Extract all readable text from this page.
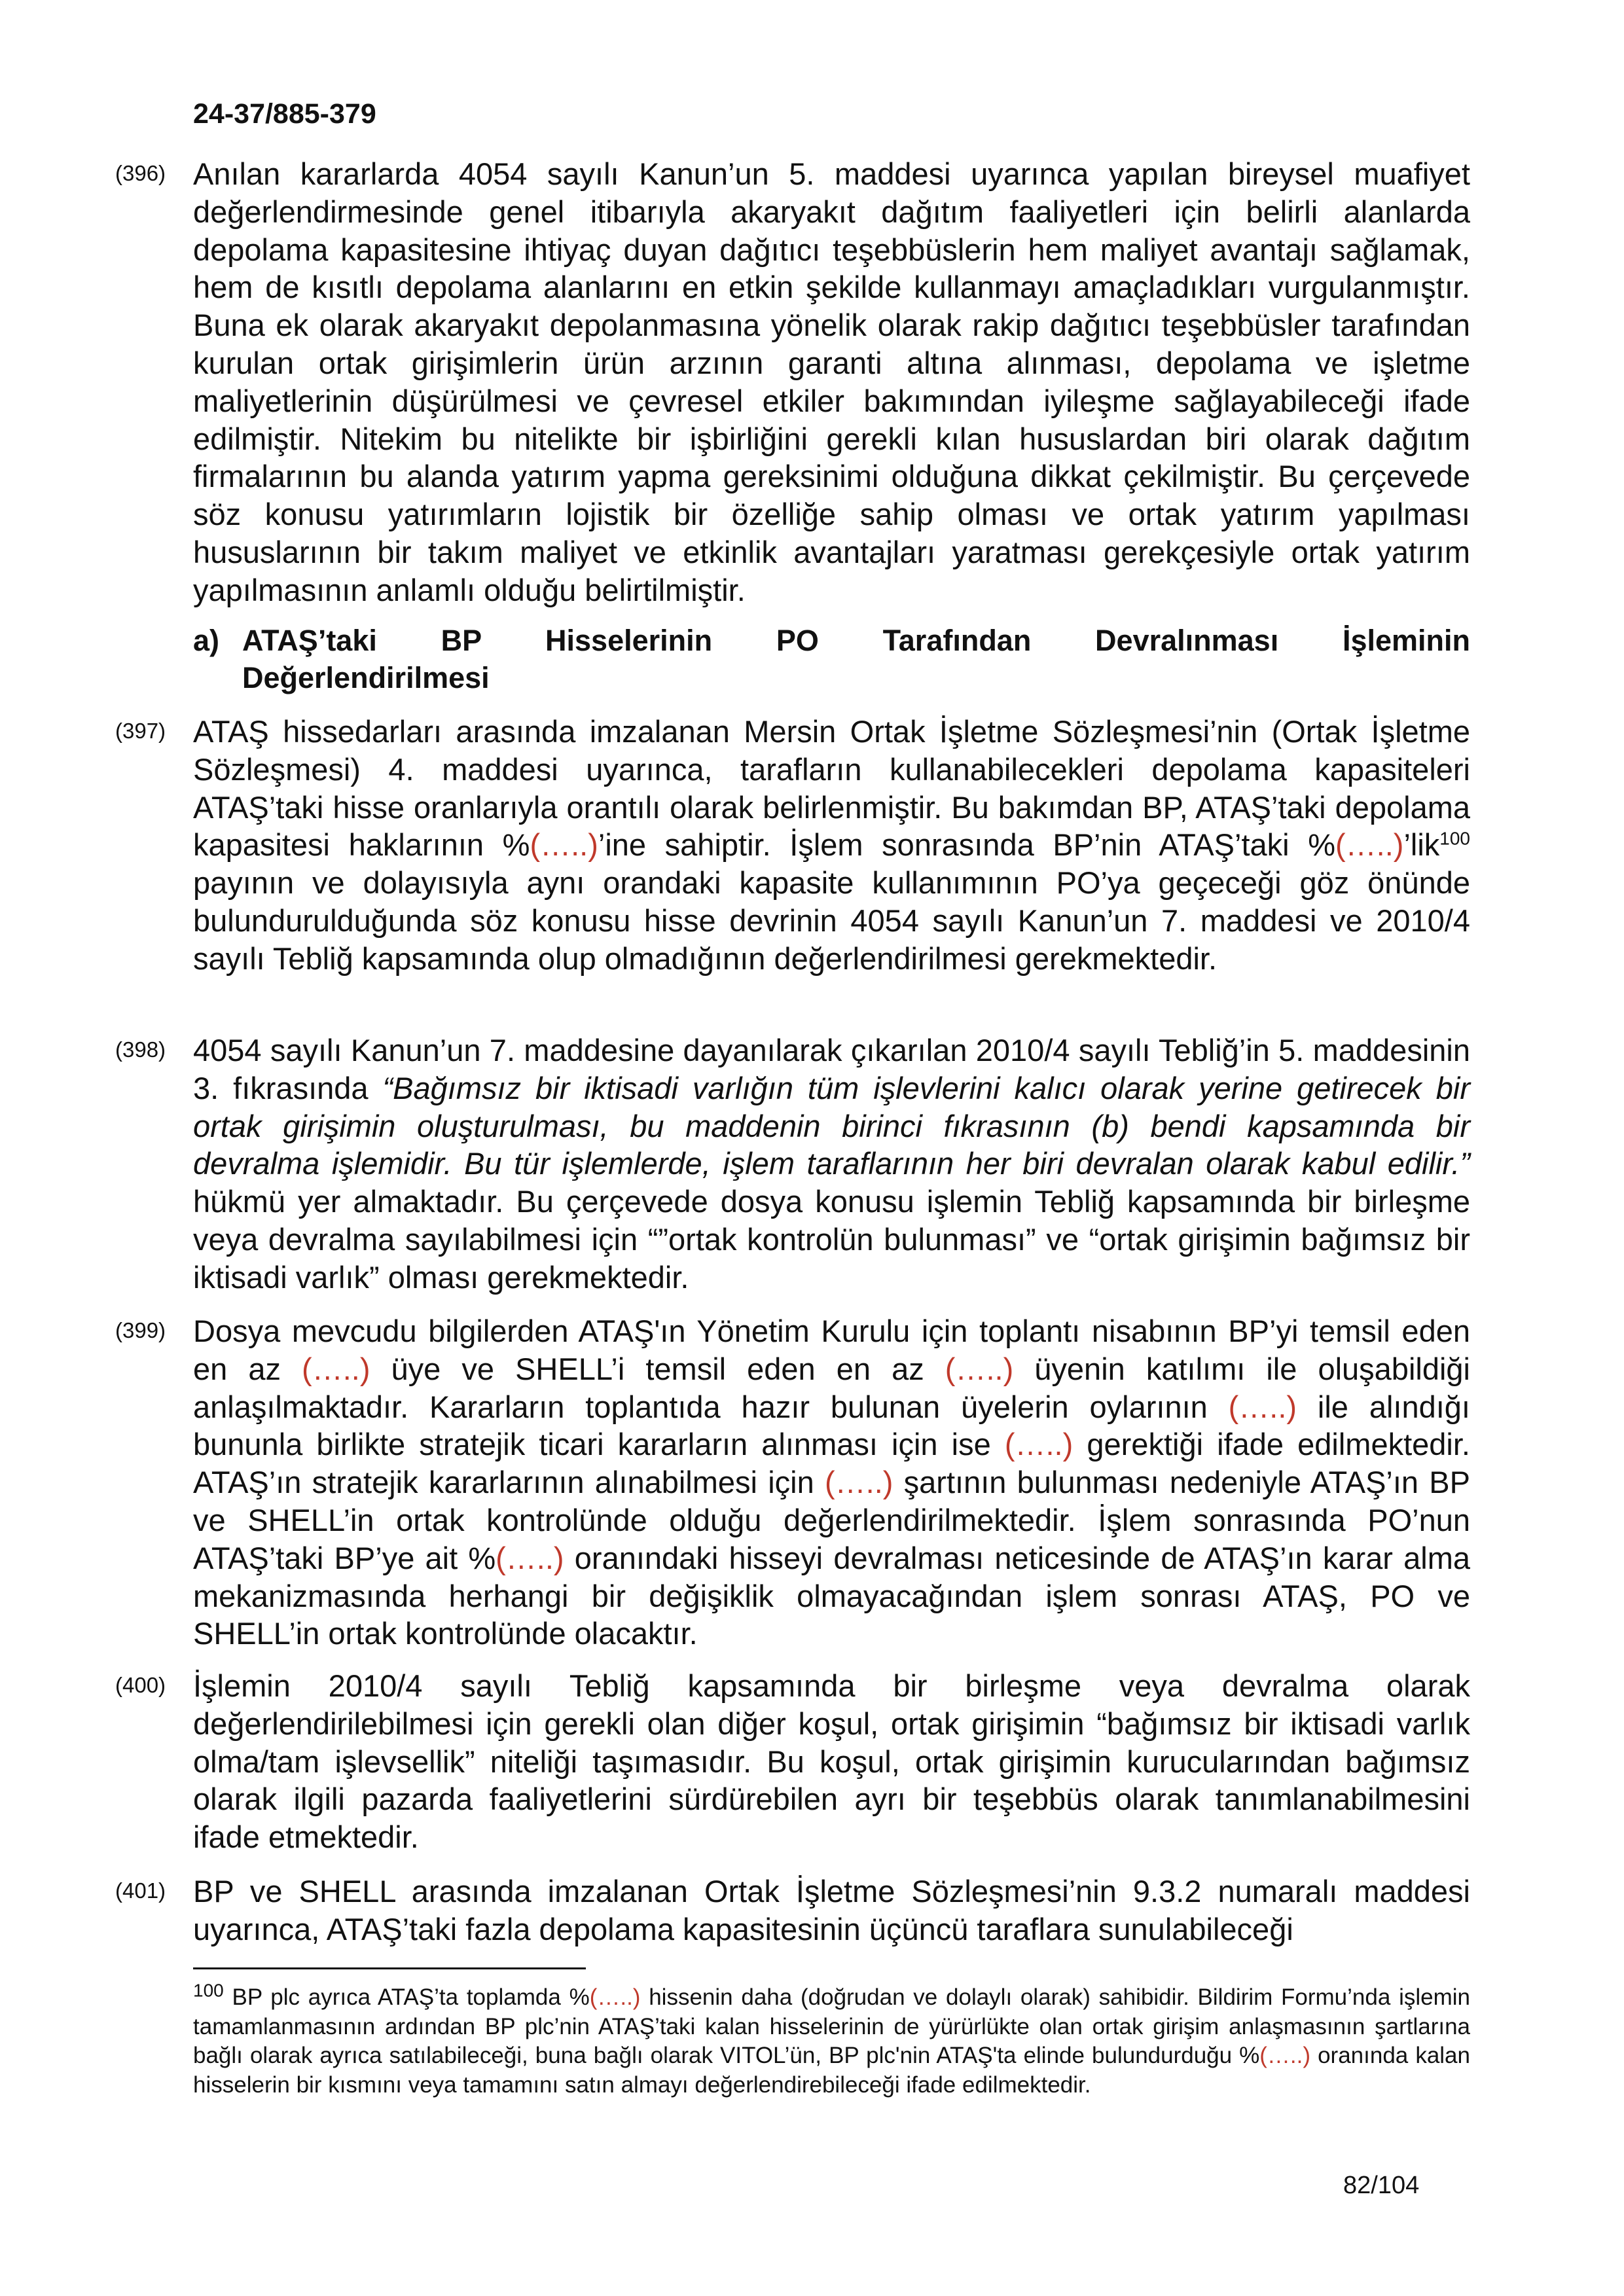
24-37/885-379
(396) Anılan kararlarda 4054 sayılı Kanun’un 5. maddesi uyarınca yapılan bireysel muafiyet değerlendirmesinde genel itibarıyla akaryakıt dağıtım faaliyetleri için belirli alanlarda depolama kapasitesine ihtiyaç duyan dağıtıcı teşebbüslerin hem maliyet avantajı sağlamak, hem de kısıtlı depolama alanlarını en etkin şekilde kullanmayı amaçladıkları vurgulanmıştır. Buna ek olarak akaryakıt depolanmasına yönelik olarak rakip dağıtıcı teşebbüsler tarafından kurulan ortak girişimlerin ürün arzının garanti altına alınması, depolama ve işletme maliyetlerinin düşürülmesi ve çevresel etkiler bakımından iyileşme sağlayabileceği ifade edilmiştir. Nitekim bu nitelikte bir işbirliğini gerekli kılan hususlardan biri olarak dağıtım firmalarının bu alanda yatırım yapma gereksinimi olduğuna dikkat çekilmiştir. Bu çerçevede söz konusu yatırımların lojistik bir özelliğe sahip olması ve ortak yatırım yapılması hususlarının bir takım maliyet ve etkinlik avantajları yaratması gerekçesiyle ortak yatırım yapılmasının anlamlı olduğu belirtilmiştir.
a) ATAŞ’taki BP Hisselerinin PO Tarafından Devralınması İşleminin
Değerlendirilmesi
(397) ATAŞ hissedarları arasında imzalanan Mersin Ortak İşletme Sözleşmesi’nin (Ortak İşletme Sözleşmesi) 4. maddesi uyarınca, tarafların kullanabilecekleri depolama kapasiteleri ATAŞ’taki hisse oranlarıyla orantılı olarak belirlenmiştir. Bu bakımdan BP, ATAŞ’taki depolama kapasitesi haklarının %(…..)’ine sahiptir. İşlem sonrasında BP’nin ATAŞ’taki %(…..)’lik$^{100}$ payının ve dolayısıyla aynı orandaki kapasite kullanımının PO’ya geçeceği göz önünde bulundurulduğunda söz konusu hisse devrinin 4054 sayılı Kanun’un 7. maddesi ve 2010/4 sayılı Tebliğ kapsamında olup olmadığının değerlendirilmesi gerekmektedir.
(398) 4054 sayılı Kanun’un 7. maddesine dayanılarak çıkarılan 2010/4 sayılı Tebliğ’in 5. maddesinin 3. fıkrasında “Bağımsız bir iktisadi varlığın tüm işlevlerini kalıcı olarak yerine getirecek bir ortak girişimin oluşturulması, bu maddenin birinci fıkrasının (b) bendi kapsamında bir devralma işlemidir. Bu tür işlemlerde, işlem taraflarının her biri devralan olarak kabul edilir.” hükmü yer almaktadır. Bu çerçevede dosya konusu işlemin Tebliğ kapsamında bir birleşme veya devralma sayılabilmesi için “”ortak kontrolün bulunması” ve “ortak girişimin bağımsız bir iktisadi varlık” olması gerekmektedir.
(399) Dosya mevcudu bilgilerden ATAŞ'ın Yönetim Kurulu için toplantı nisabının BP’yi temsil eden en az (…..) üye ve SHELL’i temsil eden en az (…..) üyenin katılımı ile oluşabildiği anlaşılmaktadır. Kararların toplantıda hazır bulunan üyelerin oylarının (…..) ile alındığı bununla birlikte stratejik ticari kararların alınması için ise (…..) gerektiği ifade edilmektedir. ATAŞ’ın stratejik kararlarının alınabilmesi için (…..) şartının bulunması nedeniyle ATAŞ’ın BP ve SHELL’in ortak kontrolünde olduğu değerlendirilmektedir. İşlem sonrasında PO’nun ATAŞ’taki BP’ye ait %(…..) oranındaki hisseyi devralması neticesinde de ATAŞ’ın karar alma mekanizmasında herhangi bir değişiklik olmayacağından işlem sonrası ATAŞ, PO ve SHELL’in ortak kontrolünde olacaktır.
(400) İşlemin 2010/4 sayılı Tebliğ kapsamında bir birleşme veya devralma olarak değerlendirilebilmesi için gerekli olan diğer koşul, ortak girişimin “bağımsız bir iktisadi varlık olma/tam işlevsellik” niteliği taşımasıdır. Bu koşul, ortak girişimin kurucularından bağımsız olarak ilgili pazarda faaliyetlerini sürdürebilen ayrı bir teşebbüs olarak tanımlanabilmesini ifade etmektedir.
(401) BP ve SHELL arasında imzalanan Ortak İşletme Sözleşmesi’nin 9.3.2 numaralı maddesi uyarınca, ATAŞ’taki fazla depolama kapasitesinin üçüncü taraflara sunulabileceği
$^{100}$ BP plc ayrıca ATAŞ’ta toplamda %(…..) hissenin daha (doğrudan ve dolaylı olarak) sahibidir. Bildirim Formu’nda işlemin tamamlanmasının ardından BP plc’nin ATAŞ’taki kalan hisselerinin de yürürlükte olan ortak girişim anlaşmasının şartlarına bağlı olarak ayrıca satılabileceği, buna bağlı olarak VITOL’ün, BP plc'nin ATAŞ'ta elinde bulundurduğu %(…..) oranında kalan hisselerin bir kısmını veya tamamını satın almayı değerlendirebileceği ifade edilmektedir.
82/104
